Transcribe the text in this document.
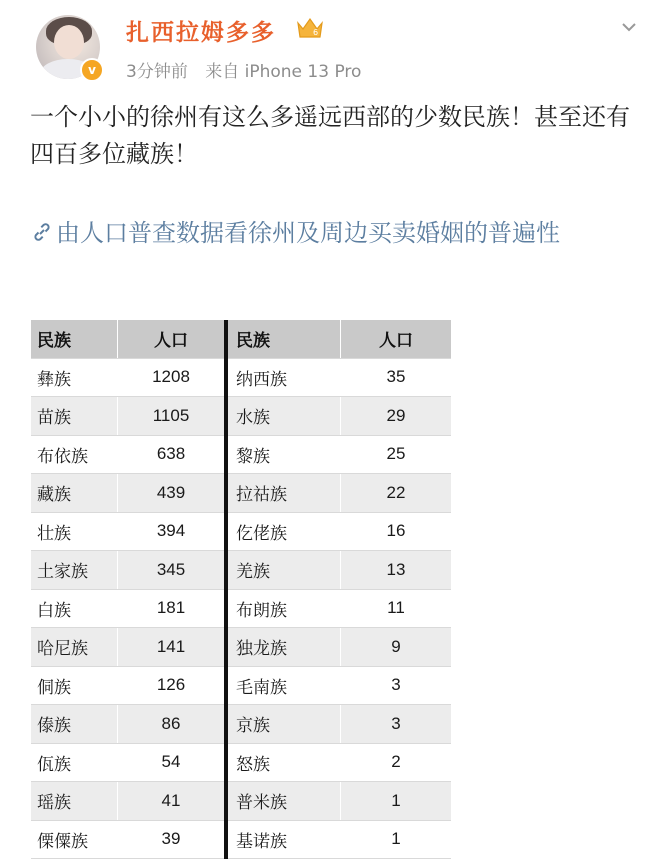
v
扎西拉姆多多	6
3分钟前 来自 iPhone 13 Pro
一个小小的徐州有这么多遥远西部的少数民族！甚至还有四百多位藏族！
由人口普查数据看徐州及周边买卖婚姻的普遍性
民族	人口	民族	人口
彝族	1208	纳西族	35
苗族	1105	水族	29
布依族	638	黎族	25
藏族	439	拉祜族	22
壮族	394	仡佬族	16
土家族	345	羌族	13
白族	181	布朗族	11
哈尼族	141	独龙族	9
侗族	126	毛南族	3
傣族	86	京族	3
佤族	54	怒族	2
瑶族	41	普米族	1
傈僳族	39	基诺族	1
